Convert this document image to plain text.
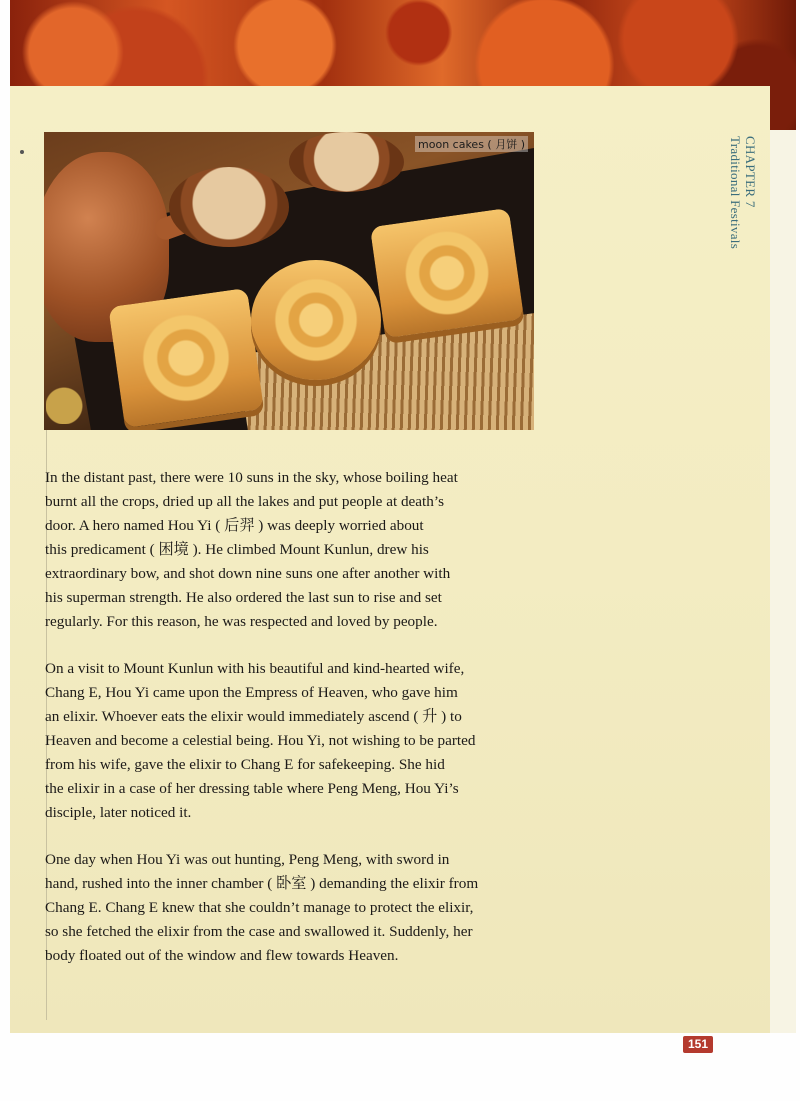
moon cakes ( 月饼 )	CHAPTER 7
Traditional Festivals

In the distant past, there were 10 suns in the sky, whose boiling heat
burnt all the crops, dried up all the lakes and put people at death’s
door. A hero named Hou Yi ( 后羿 ) was deeply worried about
this predicament ( 困境 ). He climbed Mount Kunlun, drew his
extraordinary bow, and shot down nine suns one after another with
his superman strength. He also ordered the last sun to rise and set
regularly. For this reason, he was respected and loved by people.

On a visit to Mount Kunlun with his beautiful and kind-hearted wife,
Chang E, Hou Yi came upon the Empress of Heaven, who gave him
an elixir. Whoever eats the elixir would immediately ascend ( 升 ) to
Heaven and become a celestial being. Hou Yi, not wishing to be parted
from his wife, gave the elixir to Chang E for safekeeping. She hid
the elixir in a case of her dressing table where Peng Meng, Hou Yi’s
disciple, later noticed it.

One day when Hou Yi was out hunting, Peng Meng, with sword in
hand, rushed into the inner chamber ( 卧室 ) demanding the elixir from
Chang E. Chang E knew that she couldn’t manage to protect the elixir,
so she fetched the elixir from the case and swallowed it. Suddenly, her
body floated out of the window and flew towards Heaven.

151
